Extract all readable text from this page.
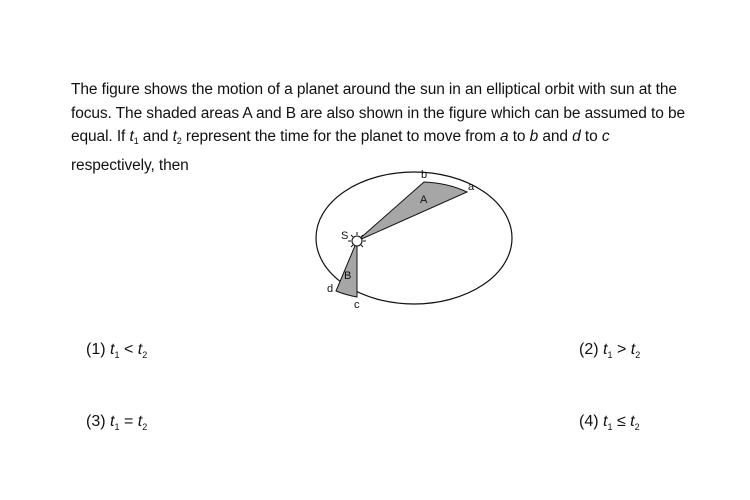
The figure shows the motion of a planet around the sun in an elliptical orbit with sun at the focus. The shaded areas A and B are also shown in the figure which can be assumed to be equal. If $t_1$ and $t_2$ represent the time for the planet to move from a to b and d to c respectively, then
b
a
A
S
B
d
c
(1) $t_1 < t_2$	(2) $t_1 > t_2$
(3) $t_1 = t_2$	(4) $t_1 \le t_2$
